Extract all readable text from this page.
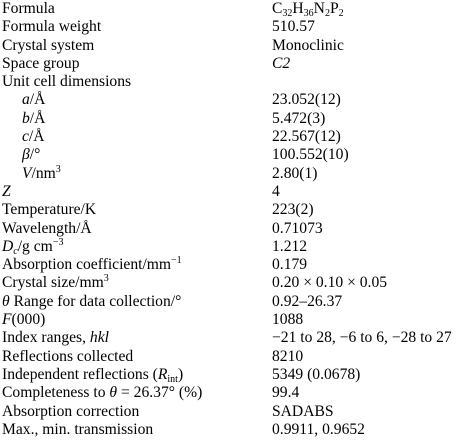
Formula	$C_{32}H_{36}N_2P_2$
Formula weight	510.57
Crystal system	Monoclinic
Space group	C2
Unit cell dimensions	
a/Å	23.052(12)
b/Å	5.472(3)
c/Å	22.567(12)
β/°	100.552(10)
$V/nm^3$	2.80(1)
Z	4
Temperature/K	223(2)
Wavelength/Å	0.71073
$D_c/g$ $cm^{-3}$	1.212
Absorption coefficient/$mm^{-1}$	0.179
Crystal size/$mm^3$	0.20 × 0.10 × 0.05
θ Range for data collection/°	0.92–26.37
F(000)	1088
Index ranges, hkl	−21 to 28, −6 to 6, −28 to 27
Reflections collected	8210
Independent reflections $(R_{int})$	5349 (0.0678)
Completeness to θ = 26.37° (%)	99.4
Absorption correction	SADABS
Max., min. transmission	0.9911, 0.9652
